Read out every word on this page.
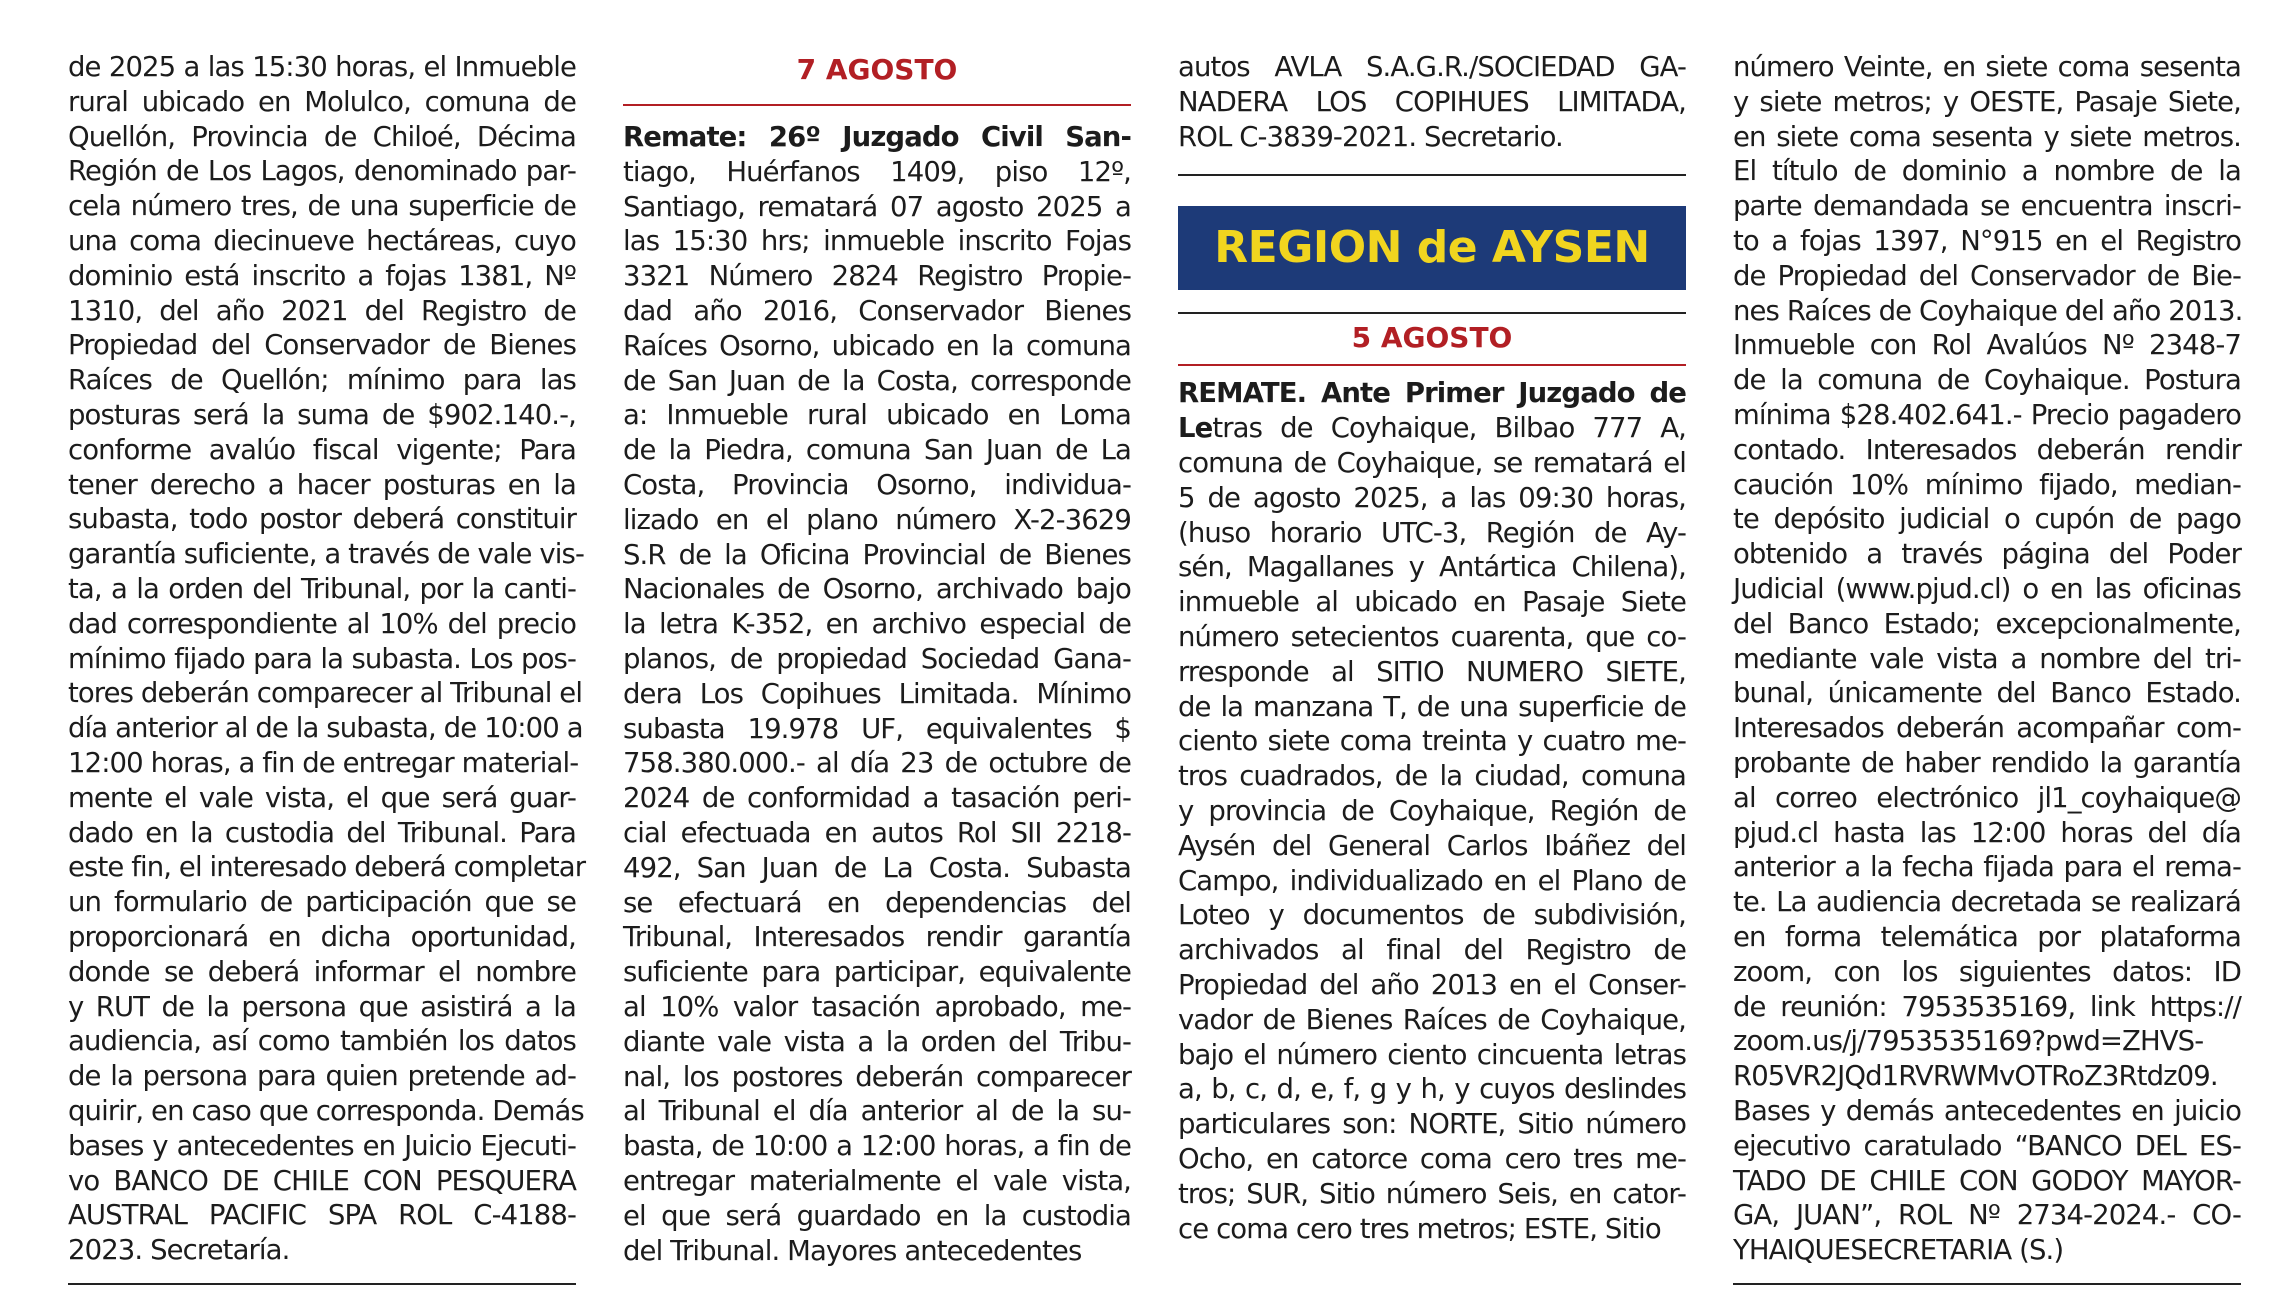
de 2025 a las 15:30 horas, el Inmueble
rural ubicado en Molulco, comuna de
Quellón, Provincia de Chiloé, Décima
Región de Los Lagos, denominado par-
cela número tres, de una superficie de
una coma diecinueve hectáreas, cuyo
dominio está inscrito a fojas 1381, Nº
1310, del año 2021 del Registro de
Propiedad del Conservador de Bienes
Raíces de Quellón; mínimo para las
posturas será la suma de $902.140.-,
conforme avalúo fiscal vigente; Para
tener derecho a hacer posturas en la
subasta, todo postor deberá constituir
garantía suficiente, a través de vale vis-
ta, a la orden del Tribunal, por la canti-
dad correspondiente al 10% del precio
mínimo fijado para la subasta. Los pos-
tores deberán comparecer al Tribunal el
día anterior al de la subasta, de 10:00 a
12:00 horas, a fin de entregar material-
mente el vale vista, el que será guar-
dado en la custodia del Tribunal. Para
este fin, el interesado deberá completar
un formulario de participación que se
proporcionará en dicha oportunidad,
donde se deberá informar el nombre
y RUT de la persona que asistirá a la
audiencia, así como también los datos
de la persona para quien pretende ad-
quirir, en caso que corresponda. Demás
bases y antecedentes en Juicio Ejecuti-
vo BANCO DE CHILE CON PESQUERA
AUSTRAL PACIFIC SPA ROL C-4188-
2023. Secretaría.
7 AGOSTO
Remate: 26º Juzgado Civil San-
tiago, Huérfanos 1409, piso 12º,
Santiago, rematará 07 agosto 2025 a
las 15:30 hrs; inmueble inscrito Fojas
3321 Número 2824 Registro Propie-
dad año 2016, Conservador Bienes
Raíces Osorno, ubicado en la comuna
de San Juan de la Costa, corresponde
a: Inmueble rural ubicado en Loma
de la Piedra, comuna San Juan de La
Costa, Provincia Osorno, individua-
lizado en el plano número X-2-3629
S.R de la Oficina Provincial de Bienes
Nacionales de Osorno, archivado bajo
la letra K-352, en archivo especial de
planos, de propiedad Sociedad Gana-
dera Los Copihues Limitada. Mínimo
subasta 19.978 UF, equivalentes $
758.380.000.- al día 23 de octubre de
2024 de conformidad a tasación peri-
cial efectuada en autos Rol SII 2218-
492, San Juan de La Costa. Subasta
se efectuará en dependencias del
Tribunal, Interesados rendir garantía
suficiente para participar, equivalente
al 10% valor tasación aprobado, me-
diante vale vista a la orden del Tribu-
nal, los postores deberán comparecer
al Tribunal el día anterior al de la su-
basta, de 10:00 a 12:00 horas, a fin de
entregar materialmente el vale vista,
el que será guardado en la custodia
del Tribunal. Mayores antecedentes
autos AVLA S.A.G.R./SOCIEDAD GA-
NADERA LOS COPIHUES LIMITADA,
ROL C-3839-2021. Secretario.
REGION de AYSEN
5 AGOSTO
REMATE. Ante Primer Juzgado de
Letras de Coyhaique, Bilbao 777 A,
comuna de Coyhaique, se rematará el
5 de agosto 2025, a las 09:30 horas,
(huso horario UTC-3, Región de Ay-
sén, Magallanes y Antártica Chilena),
inmueble al ubicado en Pasaje Siete
número setecientos cuarenta, que co-
rresponde al SITIO NUMERO SIETE,
de la manzana T, de una superficie de
ciento siete coma treinta y cuatro me-
tros cuadrados, de la ciudad, comuna
y provincia de Coyhaique, Región de
Aysén del General Carlos Ibáñez del
Campo, individualizado en el Plano de
Loteo y documentos de subdivisión,
archivados al final del Registro de
Propiedad del año 2013 en el Conser-
vador de Bienes Raíces de Coyhaique,
bajo el número ciento cincuenta letras
a, b, c, d, e, f, g y h, y cuyos deslindes
particulares son: NORTE, Sitio número
Ocho, en catorce coma cero tres me-
tros; SUR, Sitio número Seis, en cator-
ce coma cero tres metros; ESTE, Sitio
número Veinte, en siete coma sesenta
y siete metros; y OESTE, Pasaje Siete,
en siete coma sesenta y siete metros.
El título de dominio a nombre de la
parte demandada se encuentra inscri-
to a fojas 1397, N°915 en el Registro
de Propiedad del Conservador de Bie-
nes Raíces de Coyhaique del año 2013.
Inmueble con Rol Avalúos Nº 2348-7
de la comuna de Coyhaique. Postura
mínima $28.402.641.- Precio pagadero
contado. Interesados deberán rendir
caución 10% mínimo fijado, median-
te depósito judicial o cupón de pago
obtenido a través página del Poder
Judicial (www.pjud.cl) o en las oficinas
del Banco Estado; excepcionalmente,
mediante vale vista a nombre del tri-
bunal, únicamente del Banco Estado.
Interesados deberán acompañar com-
probante de haber rendido la garantía
al correo electrónico jl1_coyhaique@
pjud.cl hasta las 12:00 horas del día
anterior a la fecha fijada para el rema-
te. La audiencia decretada se realizará
en forma telemática por plataforma
zoom, con los siguientes datos: ID
de reunión: 7953535169, link https://
zoom.us/j/7953535169?pwd=ZHVS-
R05VR2JQd1RVRWMvOTRoZ3Rtdz09.
Bases y demás antecedentes en juicio
ejecutivo caratulado “BANCO DEL ES-
TADO DE CHILE CON GODOY MAYOR-
GA, JUAN”, ROL Nº 2734-2024.- CO-
YHAIQUESECRETARIA (S.)
